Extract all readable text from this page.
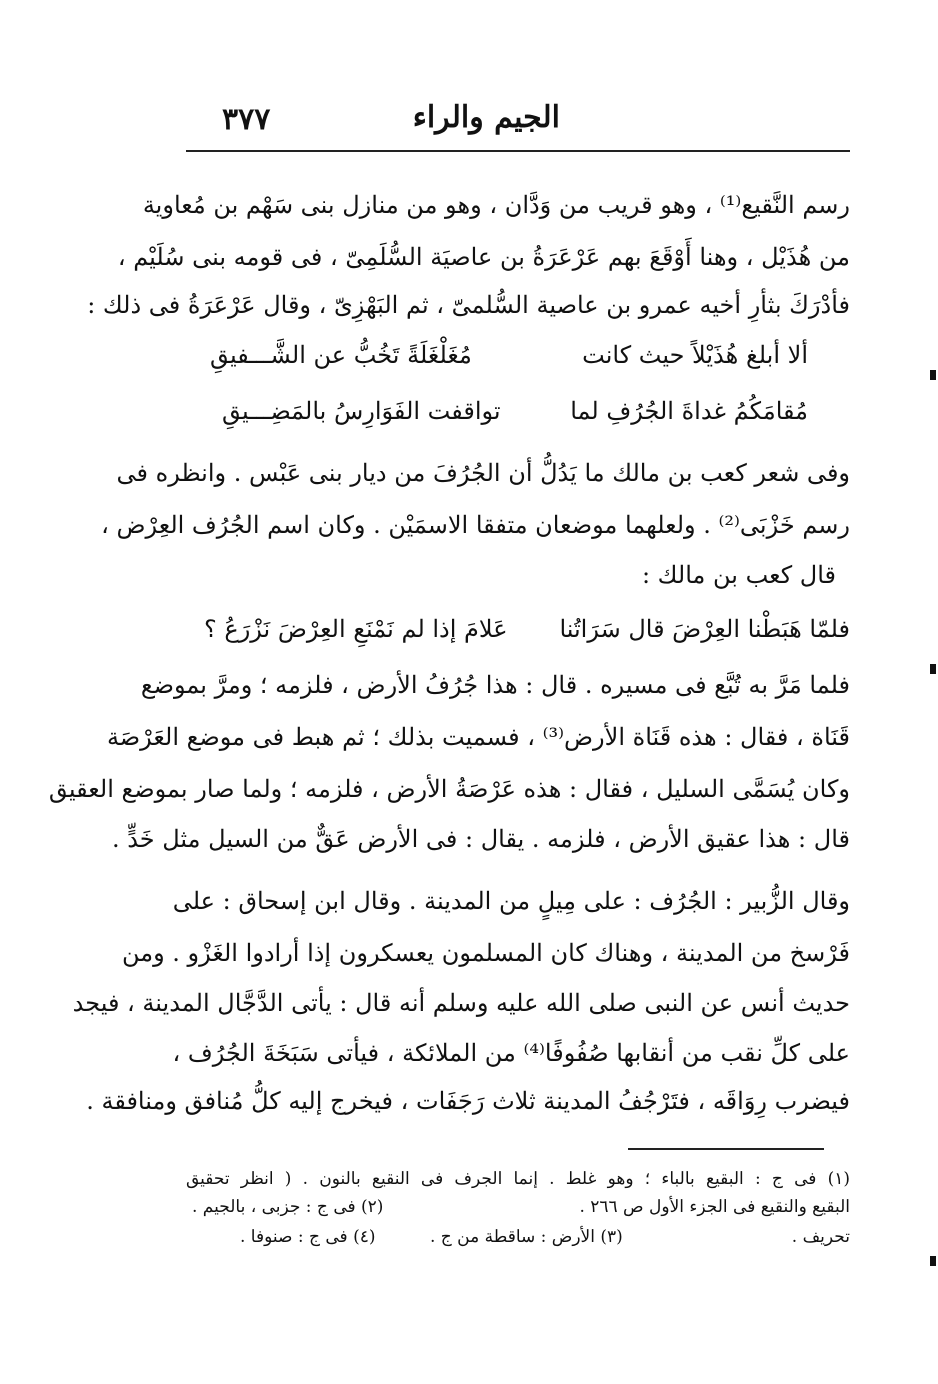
٣٧٧	الجيم والراء
رسم النَّقيع⁽¹⁾ ، وهو قريب من وَدَّان ، وهو من منازل بنى سَهْم بن مُعاوية
من هُذَيْل ، وهنا أَوْقَعَ بهم عَرْعَرَةُ بن عاصيَة السُّلَمِىّ ، فى قومه بنى سُلَيْم ،
فأدْرَكَ بثأرِ أخيه عمرو بن عاصية السُّلمىّ ، ثم البَهْزِىّ ، وقال عَرْعَرَةُ فى ذلك :
ألا أبلغ هُذَيْلاً حيث كانت
مُغَلْغَلَةً تَخُبُّ عن الشَّـــفيقِ
مُقامَكُمُ غداةَ الجُرُفِ لما
تواقفت الفَوَارِسُ بالمَضِـــيقِ
وفى شعر كعب بن مالك ما يَدُلُّ أن الجُرُفَ من ديار بنى عَبْس . وانظره فى
رسم خَزْبَى⁽²⁾ . ولعلهما موضعان متفقا الاسمَيْن . وكان اسم الجُرُف العِرْض ،
قال كعب بن مالك :
فلمّا هَبَطْنا العِرْضَ قال سَرَاتُنا
عَلامَ إذا لم نَمْنَعِ العِرْضَ نَزْرَعُ ؟
فلما مَرَّ به تُبَّع فى مسيره . قال : هذا جُرُفُ الأرض ، فلزمه ؛ ومرَّ بموضع
قَنَاة ، فقال : هذه قَنَاة الأرض⁽³⁾ ، فسميت بذلك ؛ ثم هبط فى موضع العَرْصَة
وكان يُسَمَّى السليل ، فقال : هذه عَرْصَةُ الأرض ، فلزمه ؛ ولما صار بموضع العقيق
قال : هذا عقيق الأرض ، فلزمه . يقال : فى الأرض عَقٌّ من السيل مثل خَدٍّ .
وقال الزُّبير : الجُرُف : على مِيلٍ من المدينة . وقال ابن إسحاق : على
فَرْسخ من المدينة ، وهناك كان المسلمون يعسكرون إذا أرادوا الغَزْو . ومن
حديث أنس عن النبى صلى الله عليه وسلم أنه قال : يأتى الدَّجَّال المدينة ، فيجد
على كلِّ نقب من أنقابها صُفُوفًا⁽⁴⁾ من الملائكة ، فيأتى سَبَخَةَ الجُرُف ،
فيضرب رِوَاقَه ، فتَرْجُفُ المدينة ثلاث رَجَفَات ، فيخرج إليه كلُّ مُنافق ومنافقة .
(١) فى ج : البقيع بالباء ؛ وهو غلط . إنما الجرف فى النقيع بالنون . ( انظر تحقيق
البقيع والنقيع فى الجزء الأول ص ٢٦٦ .
(٢) فى ج : جزبى ، بالجيم .
تحريف .
(٣) الأرض : ساقطة من ج .
(٤) فى ج : صنوفا .
